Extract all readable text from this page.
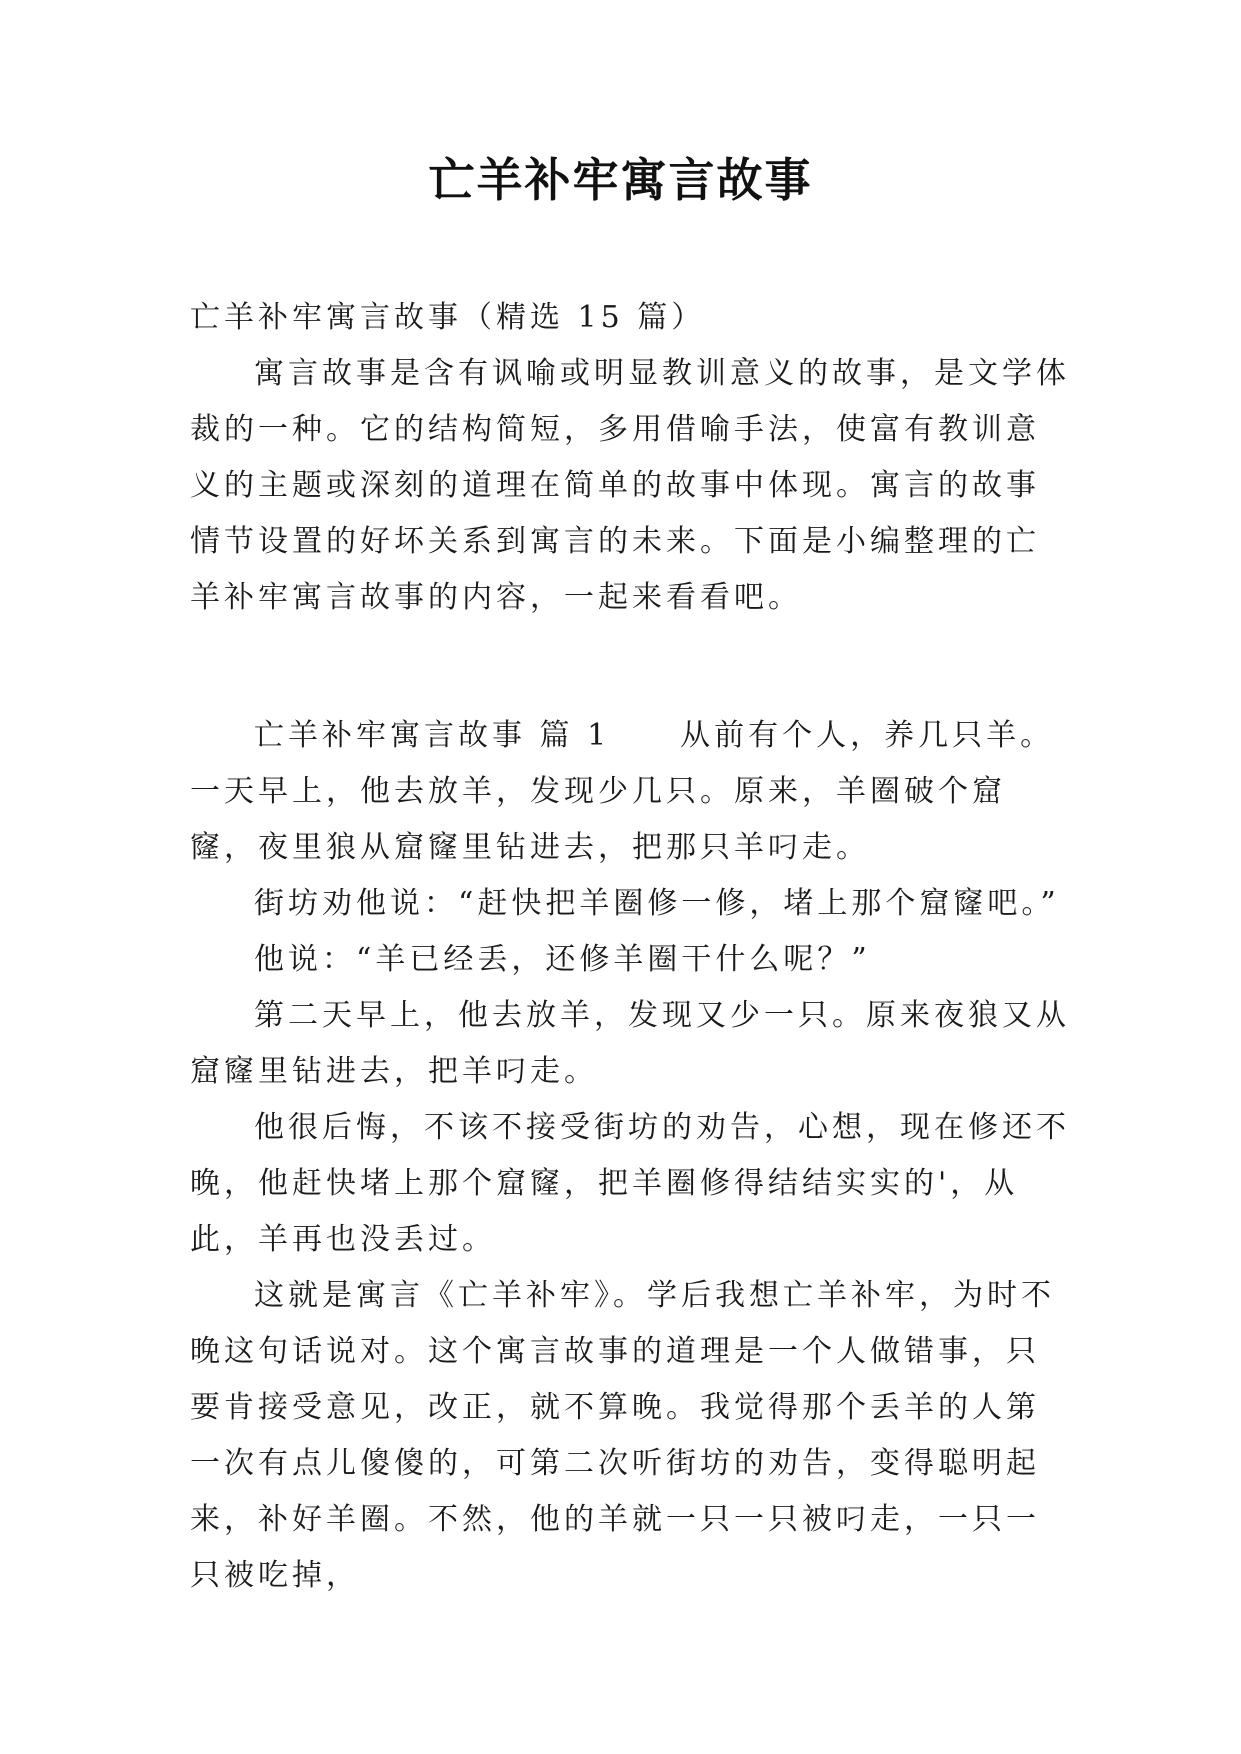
亡羊补牢寓言故事

亡羊补牢寓言故事（精选 15 篇）

寓言故事是含有讽喻或明显教训意义的故事，是文学体裁的一种。它的结构简短，多用借喻手法，使富有教训意义的主题或深刻的道理在简单的故事中体现。寓言的故事情节设置的好坏关系到寓言的未来。下面是小编整理的亡羊补牢寓言故事的内容，一起来看看吧。

亡羊补牢寓言故事 篇 1 从前有个人，养几只羊。一天早上，他去放羊，发现少几只。原来，羊圈破个窟窿，夜里狼从窟窿里钻进去，把那只羊叼走。

街坊劝他说：“赶快把羊圈修一修，堵上那个窟窿吧。”

他说：“羊已经丢，还修羊圈干什么呢？”

第二天早上，他去放羊，发现又少一只。原来夜狼又从窟窿里钻进去，把羊叼走。

他很后悔，不该不接受街坊的劝告，心想，现在修还不晚，他赶快堵上那个窟窿，把羊圈修得结结实实的'，从此，羊再也没丢过。

这就是寓言《亡羊补牢》。学后我想亡羊补牢，为时不晚这句话说对。这个寓言故事的道理是一个人做错事，只要肯接受意见，改正，就不算晚。我觉得那个丢羊的人第一次有点儿傻傻的，可第二次听街坊的劝告，变得聪明起来，补好羊圈。不然，他的羊就一只一只被叼走，一只一只被吃掉，
